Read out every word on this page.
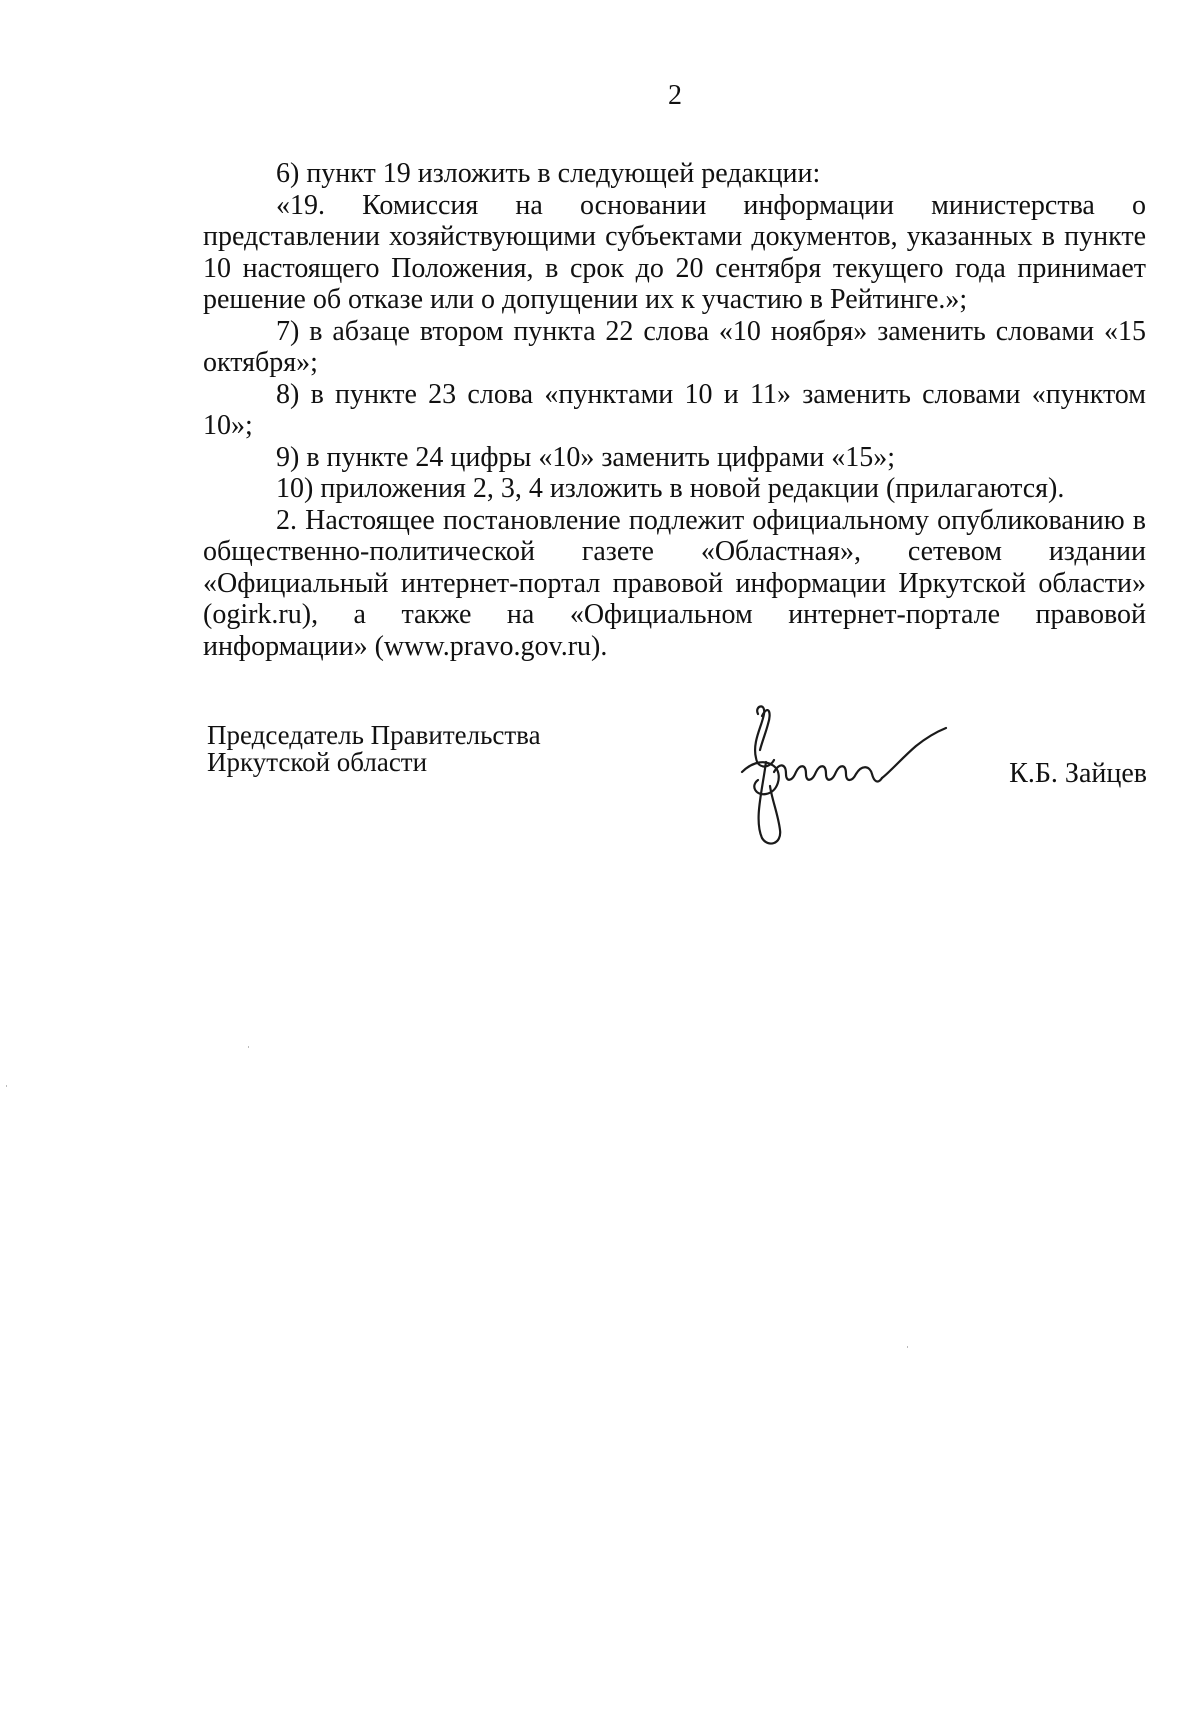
2

6) пункт 19 изложить в следующей редакции:

«19. Комиссия на основании информации министерства о представлении хозяйствующими субъектами документов, указанных в пункте 10 настоящего Положения, в срок до 20 сентября текущего года принимает решение об отказе или о допущении их к участию в Рейтинге.»;

7) в абзаце втором пункта 22 слова «10 ноября» заменить словами «15 октября»;

8) в пункте 23 слова «пунктами 10 и 11» заменить словами «пунктом 10»;

9) в пункте 24 цифры «10» заменить цифрами «15»;

10) приложения 2, 3, 4 изложить в новой редакции (прилагаются).

2. Настоящее постановление подлежит официальному опубликованию в общественно-политической газете «Областная», сетевом издании «Официальный интернет-портал правовой информации Иркутской области» (ogirk.ru), а также на «Официальном интернет-портале правовой информации» (www.pravo.gov.ru).

Председатель Правительства
Иркутской области	К.Б. Зайцев
